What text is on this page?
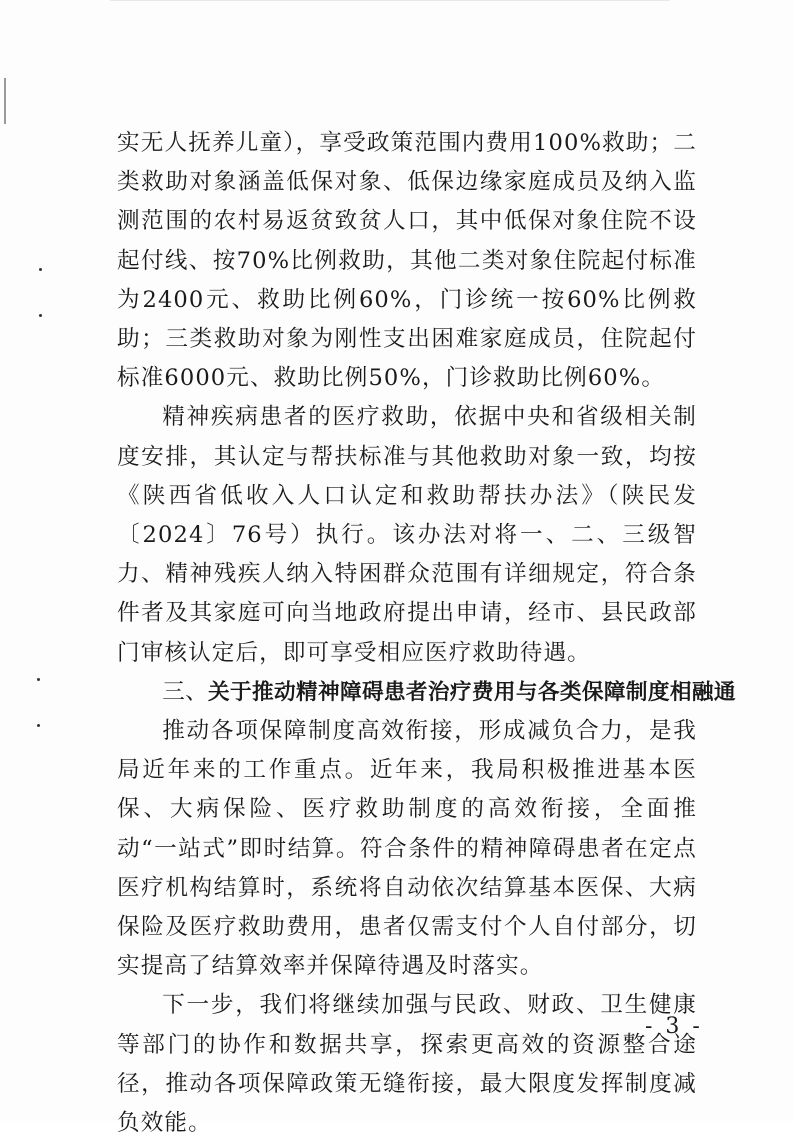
实无人抚养儿童），享受政策范围内费用100%救助；二类救助对象涵盖低保对象、低保边缘家庭成员及纳入监测范围的农村易返贫致贫人口，其中低保对象住院不设起付线、按70%比例救助，其他二类对象住院起付标准为2400元、救助比例60%，门诊统一按60%比例救助；三类救助对象为刚性支出困难家庭成员，住院起付标准6000元、救助比例50%，门诊救助比例60%。

精神疾病患者的医疗救助，依据中央和省级相关制度安排，其认定与帮扶标准与其他救助对象一致，均按《陕西省低收入人口认定和救助帮扶办法》（陕民发〔2024〕76号）执行。该办法对将一、二、三级智力、精神残疾人纳入特困群众范围有详细规定，符合条件者及其家庭可向当地政府提出申请，经市、县民政部门审核认定后，即可享受相应医疗救助待遇。

三、关于推动精神障碍患者治疗费用与各类保障制度相融通

推动各项保障制度高效衔接，形成减负合力，是我局近年来的工作重点。近年来，我局积极推进基本医保、大病保险、医疗救助制度的高效衔接，全面推动“一站式”即时结算。符合条件的精神障碍患者在定点医疗机构结算时，系统将自动依次结算基本医保、大病保险及医疗救助费用，患者仅需支付个人自付部分，切实提高了结算效率并保障待遇及时落实。

下一步，我们将继续加强与民政、财政、卫生健康等部门的协作和数据共享，探索更高效的资源整合途径，推动各项保障政策无缝衔接，最大限度发挥制度减负效能。

- 3 -
